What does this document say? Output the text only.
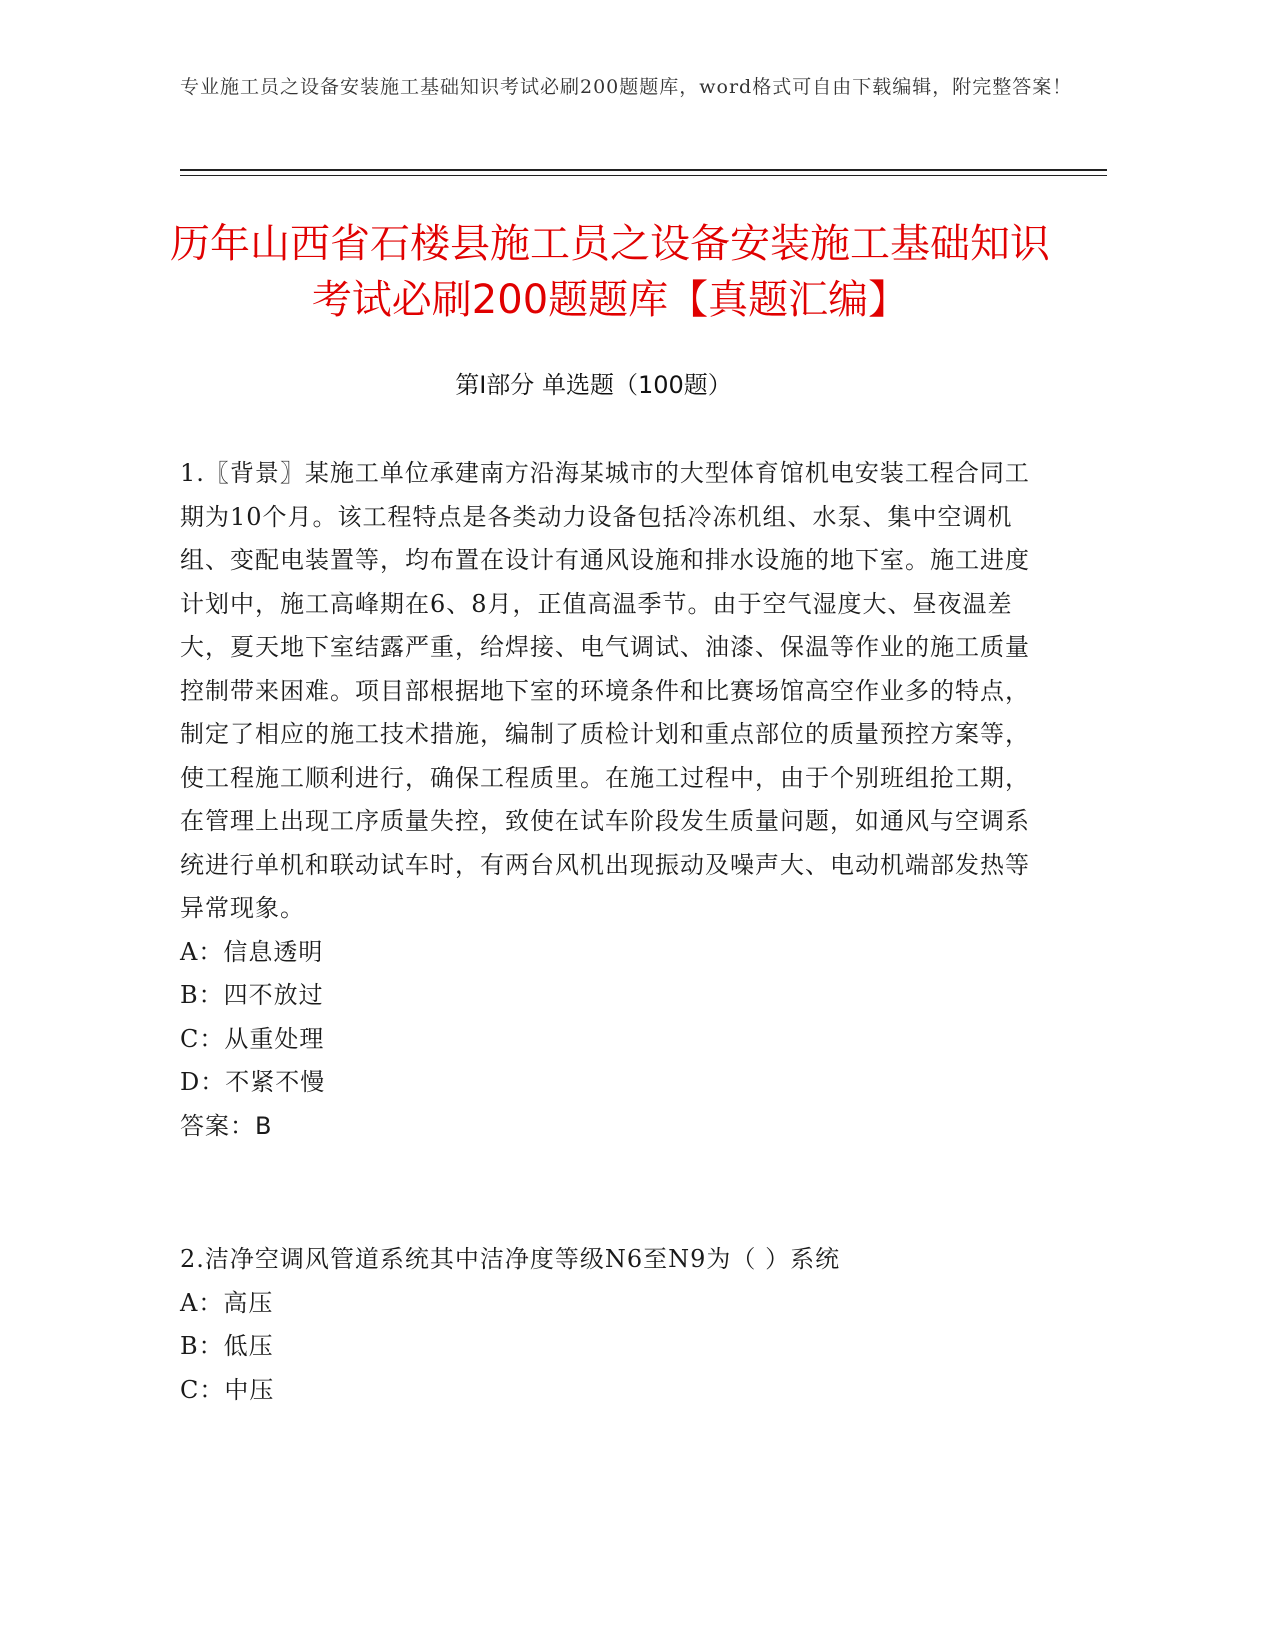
专业施工员之设备安装施工基础知识考试必刷200题题库，word格式可自由下载编辑，附完整答案！
历年山西省石楼县施工员之设备安装施工基础知识考试必刷200题题库【真题汇编】
第Ⅰ部分 单选题（100题）
1.〖背景〗某施工单位承建南方沿海某城市的大型体育馆机电安装工程合同工期为10个月。该工程特点是各类动力设备包括冷冻机组、水泵、集中空调机组、变配电装置等，均布置在设计有通风设施和排水设施的地下室。施工进度计划中，施工高峰期在6、8月，正值高温季节。由于空气湿度大、昼夜温差大，夏天地下室结露严重，给焊接、电气调试、油漆、保温等作业的施工质量控制带来困难。项目部根据地下室的环境条件和比赛场馆高空作业多的特点，制定了相应的施工技术措施，编制了质检计划和重点部位的质量预控方案等，使工程施工顺利进行，确保工程质里。在施工过程中，由于个别班组抢工期，在管理上出现工序质量失控，致使在试车阶段发生质量问题，如通风与空调系统进行单机和联动试车时，有两台风机出现振动及噪声大、电动机端部发热等异常现象。
A：信息透明
B：四不放过
C：从重处理
D：不紧不慢
答案：B
2.洁净空调风管道系统其中洁净度等级N6至N9为（ ）系统
A：高压
B：低压
C：中压
